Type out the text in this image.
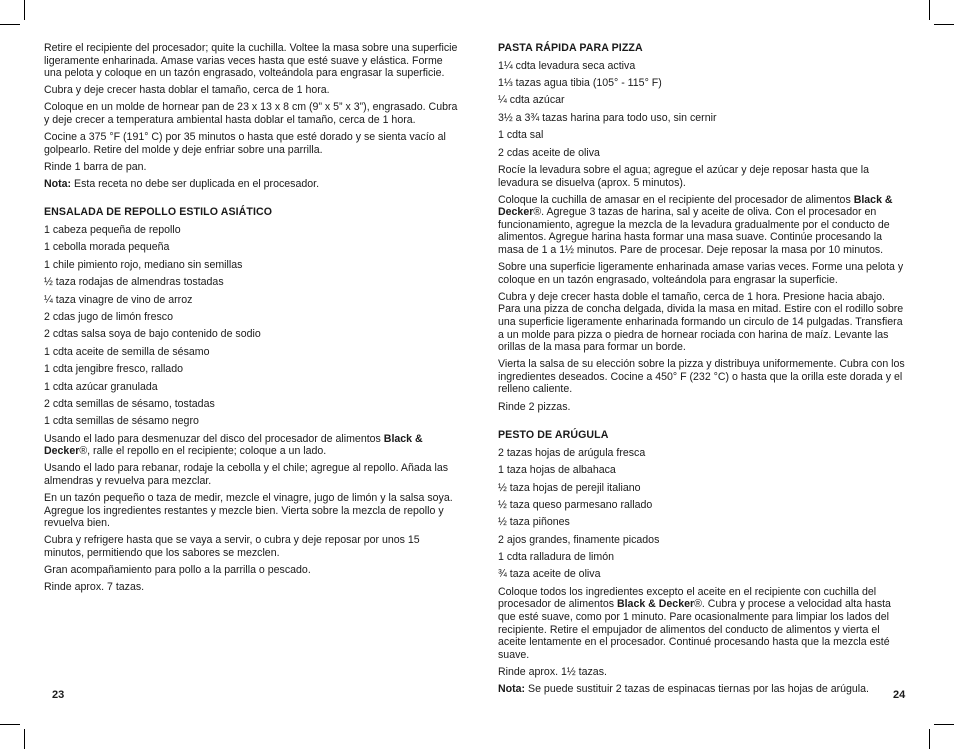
Retire el recipiente del procesador; quite la cuchilla. Voltee la masa sobre una superficie ligeramente enharinada. Amase varias veces hasta que esté suave y elástica. Forme una pelota y coloque en un tazón engrasado, volteándola para engrasar la superficie.

Cubra y deje crecer hasta doblar el tamaño, cerca de 1 hora.

Coloque en un molde de hornear pan de 23 x 13 x 8 cm (9” x 5” x 3”), engrasado. Cubra y deje crecer a temperatura ambiental hasta doblar el tamaño, cerca de 1 hora.

Cocine a 375 °F (191° C) por 35 minutos o hasta que esté dorado y se sienta vacío al golpearlo. Retire del molde y deje enfriar sobre una parrilla.

Rinde 1 barra de pan.

Nota: Esta receta no debe ser duplicada en el procesador.

ENSALADA DE REPOLLO ESTILO ASIÁTICO

1 cabeza pequeña de repollo

1 cebolla morada pequeña

1 chile pimiento rojo, mediano sin semillas

½ taza rodajas de almendras tostadas

¼ taza vinagre de vino de arroz

2 cdas jugo de limón fresco

2 cdtas salsa soya de bajo contenido de sodio

1 cdta aceite de semilla de sésamo

1 cdta jengibre fresco, rallado

1 cdta azúcar granulada

2 cdta semillas de sésamo, tostadas

1 cdta semillas de sésamo negro

Usando el lado para desmenuzar del disco del procesador de alimentos Black & Decker®, ralle el repollo en el recipiente; coloque a un lado.

Usando el lado para rebanar, rodaje la cebolla y el chile; agregue al repollo. Añada las almendras y revuelva para mezclar.

En un tazón pequeño o taza de medir, mezcle el vinagre, jugo de limón y la salsa soya. Agregue los ingredientes restantes y mezcle bien. Vierta sobre la mezcla de repollo y revuelva bien.

Cubra y refrigere hasta que se vaya a servir, o cubra y deje reposar por unos 15 minutos, permitiendo que los sabores se mezclen.

Gran acompañamiento para pollo a la parrilla o pescado.

Rinde aprox. 7 tazas.

23
PASTA RÁPIDA PARA PIZZA

1¼ cdta levadura seca activa

1⅓ tazas agua tibia (105° - 115° F)

¼ cdta azúcar

3½ a 3¾ tazas harina para todo uso, sin cernir

1 cdta sal

2 cdas aceite de oliva

Rocíe la levadura sobre el agua; agregue el azúcar y deje reposar hasta que la levadura se disuelva (aprox. 5 minutos).

Coloque la cuchilla de amasar en el recipiente del procesador de alimentos Black & Decker®. Agregue 3 tazas de harina, sal y aceite de oliva. Con el procesador en funcionamiento, agregue la mezcla de la levadura gradualmente por el conducto de alimentos. Agregue harina hasta formar una masa suave. Continúe procesando la masa de 1 a 1½ minutos. Pare de procesar. Deje reposar la masa por 10 minutos.

Sobre una superficie ligeramente enharinada amase varias veces. Forme una pelota y coloque en un tazón engrasado, volteándola para engrasar la superficie.

Cubra y deje crecer hasta doble el tamaño, cerca de 1 hora. Presione hacia abajo. Para una pizza de concha delgada, divida la masa en mitad. Estire con el rodillo sobre una superficie ligeramente enharinada formando un circulo de 14 pulgadas. Transfiera a un molde para pizza o piedra de hornear rociada con harina de maíz. Levante las orillas de la masa para formar un borde.

Vierta la salsa de su elección sobre la pizza y distribuya uniformemente. Cubra con los ingredientes deseados. Cocine a 450° F (232 °C) o hasta que la orilla este dorada y el relleno caliente.

Rinde 2 pizzas.

PESTO DE ARÚGULA

2 tazas hojas de arúgula fresca

1 taza hojas de albahaca

½ taza hojas de perejil italiano

½ taza queso parmesano rallado

½ taza piñones

2 ajos grandes, finamente picados

1 cdta ralladura de limón

¾ taza aceite de oliva

Coloque todos los ingredientes excepto el aceite en el recipiente con cuchilla del procesador de alimentos Black & Decker®. Cubra y procese a velocidad alta hasta que esté suave, como por 1 minuto. Pare ocasionalmente para limpiar los lados del recipiente. Retire el empujador de alimentos del conducto de alimentos y vierta el aceite lentamente en el procesador. Continué procesando hasta que la mezcla esté suave.

Rinde aprox. 1½ tazas.

Nota: Se puede sustituir 2 tazas de espinacas tiernas por las hojas de arúgula.	24
